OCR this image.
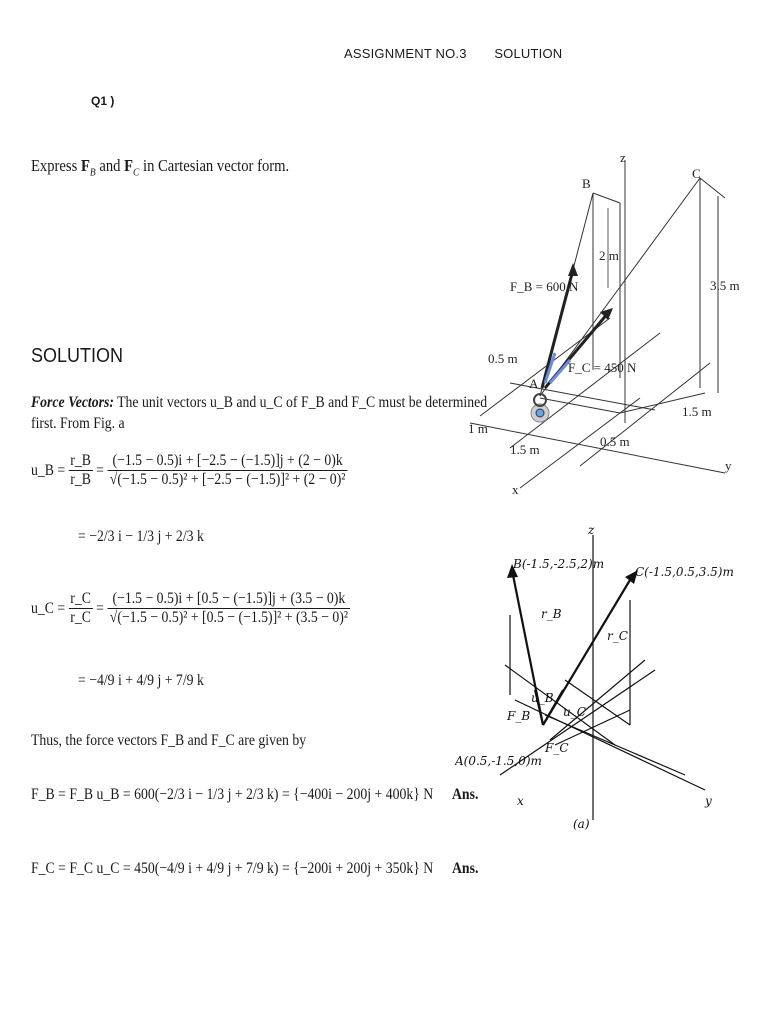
ASSIGNMENT NO.3 SOLUTION
Q1 )
Express $F_B$ and $F_C$ in Cartesian vector form.
SOLUTION
Force Vectors: The unit vectors u_B and u_C of F_B and F_C must be determined
first. From Fig. a
u_B =
$\frac{r\_B}{r\_B} = \frac{(-1.5 - 0.5)i + [-2.5 - (-1.5)]j + (2 - 0)k}{\text{√(−1.5 − 0.5)² + [−2.5 − (−1.5)]² + (2 − 0)²}}$
= −2/3 i − 1/3 j + 2/3 k
u_C =
$\frac{r\_C}{r\_C} = \frac{(-1.5 - 0.5)i + [0.5 - (-1.5)]j + (3.5 - 0)k}{\text{√(−1.5 − 0.5)² + [0.5 − (−1.5)]² + (3.5 − 0)²}}$
= −4/9 i + 4/9 j + 7/9 k
Thus, the force vectors F_B and F_C are given by
F_B = F_B u_B = 600(−2/3 i − 1/3 j + 2/3 k) = {−400i − 200j + 400k} N Ans.
F_C = F_C u_C = 450(−4/9 i + 4/9 j + 7/9 k) = {−200i + 200j + 350k} N Ans.
z
2 m
3.5 m
B
C
A
F_B = 600 N
F_C = 450 N
0.5 m
1 m
1.5 m
0.5 m
1.5 m
x
y
B(-1.5,-2.5,2)m
C(-1.5,0.5,3.5)m
z
r_B
r_C
u_B
u_C
F_B
F_C
A(0.5,-1.5,0)m
x	y
(a)
